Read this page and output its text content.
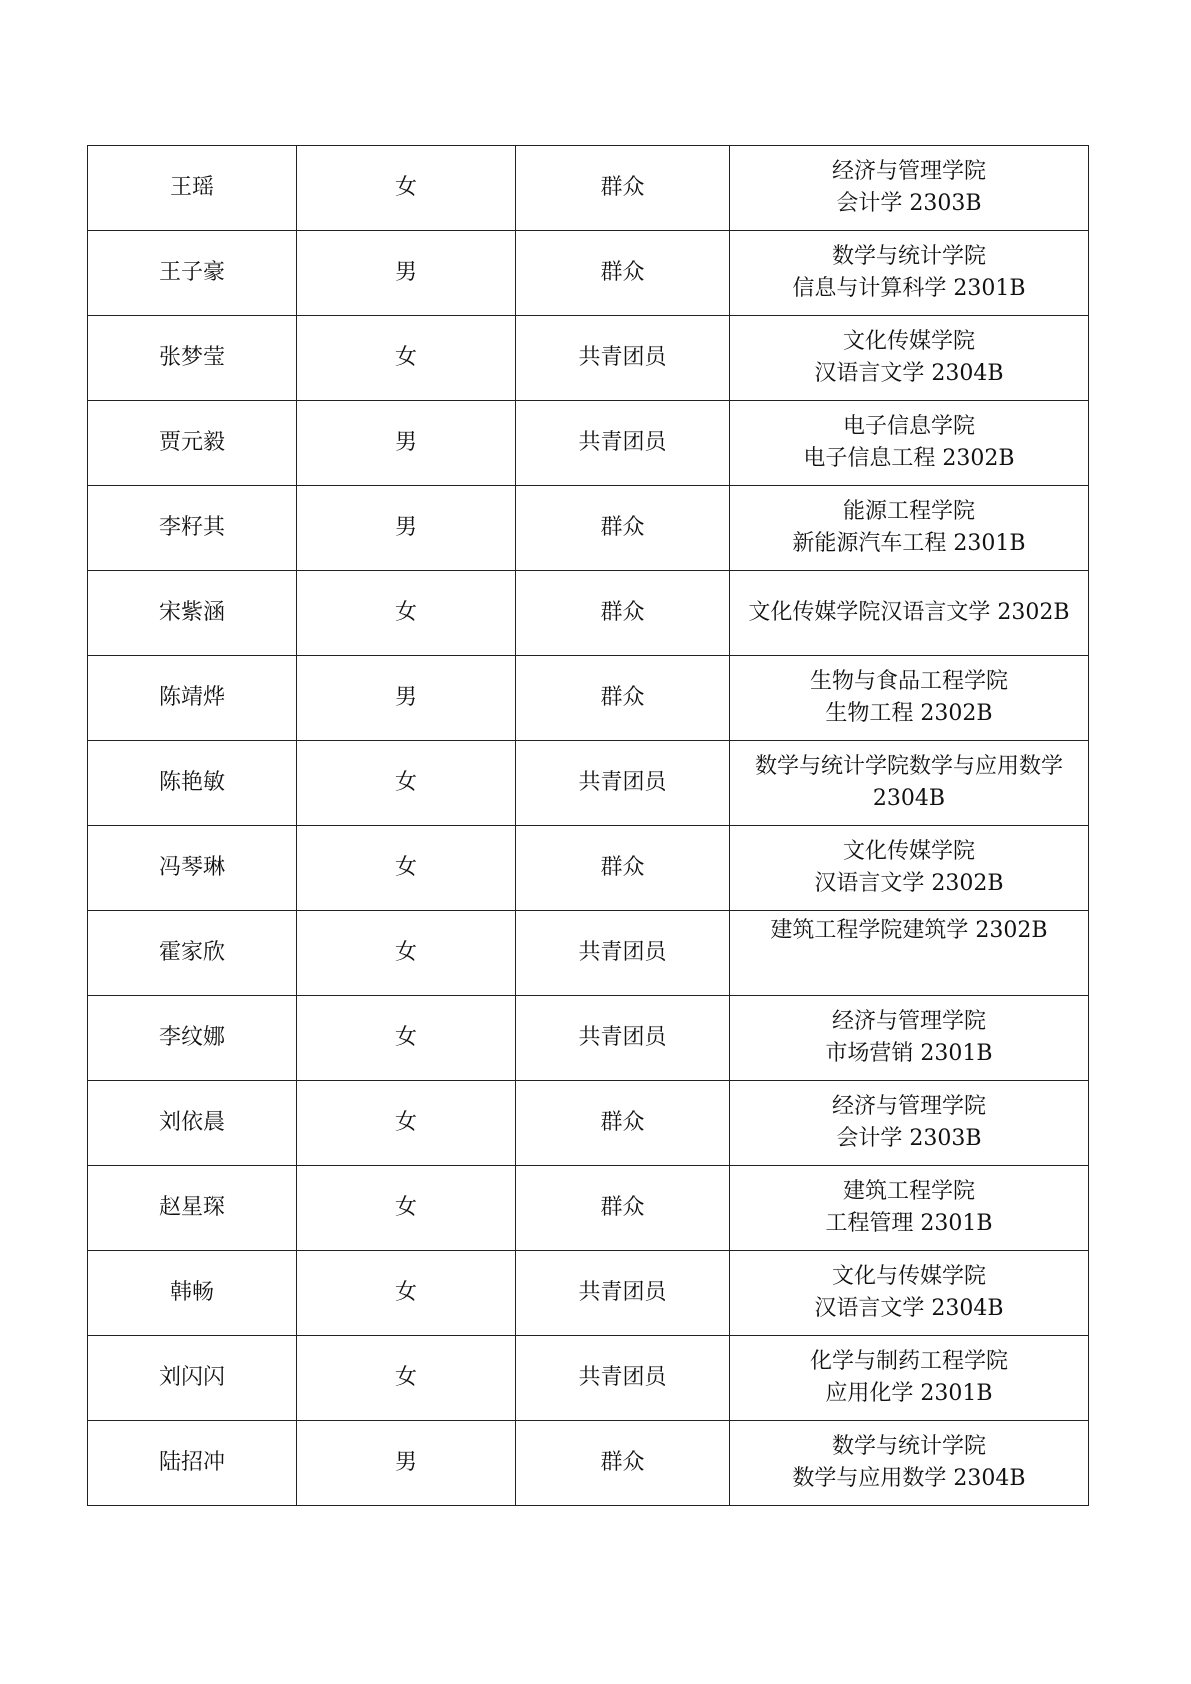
王瑶	女	群众	经济与管理学院
会计学 2303B

王子豪	男	群众	数学与统计学院
信息与计算科学 2301B

张梦莹	女	共青团员	文化传媒学院
汉语言文学 2304B

贾元毅	男	共青团员	电子信息学院
电子信息工程 2302B

李籽其	男	群众	能源工程学院
新能源汽车工程 2301B

宋紫涵	女	群众	文化传媒学院汉语言文学 2302B

陈靖烨	男	群众	生物与食品工程学院
生物工程 2302B

陈艳敏	女	共青团员	数学与统计学院数学与应用数学 2304B

冯琴琳	女	群众	文化传媒学院
汉语言文学 2302B

霍家欣	女	共青团员	建筑工程学院建筑学 2302B

李纹娜	女	共青团员	经济与管理学院
市场营销 2301B

刘依晨	女	群众	经济与管理学院
会计学 2303B

赵星琛	女	群众	建筑工程学院
工程管理 2301B

韩畅	女	共青团员	文化与传媒学院
汉语言文学 2304B

刘闪闪	女	共青团员	化学与制药工程学院
应用化学 2301B

陆招冲	男	群众	数学与统计学院
数学与应用数学 2304B
